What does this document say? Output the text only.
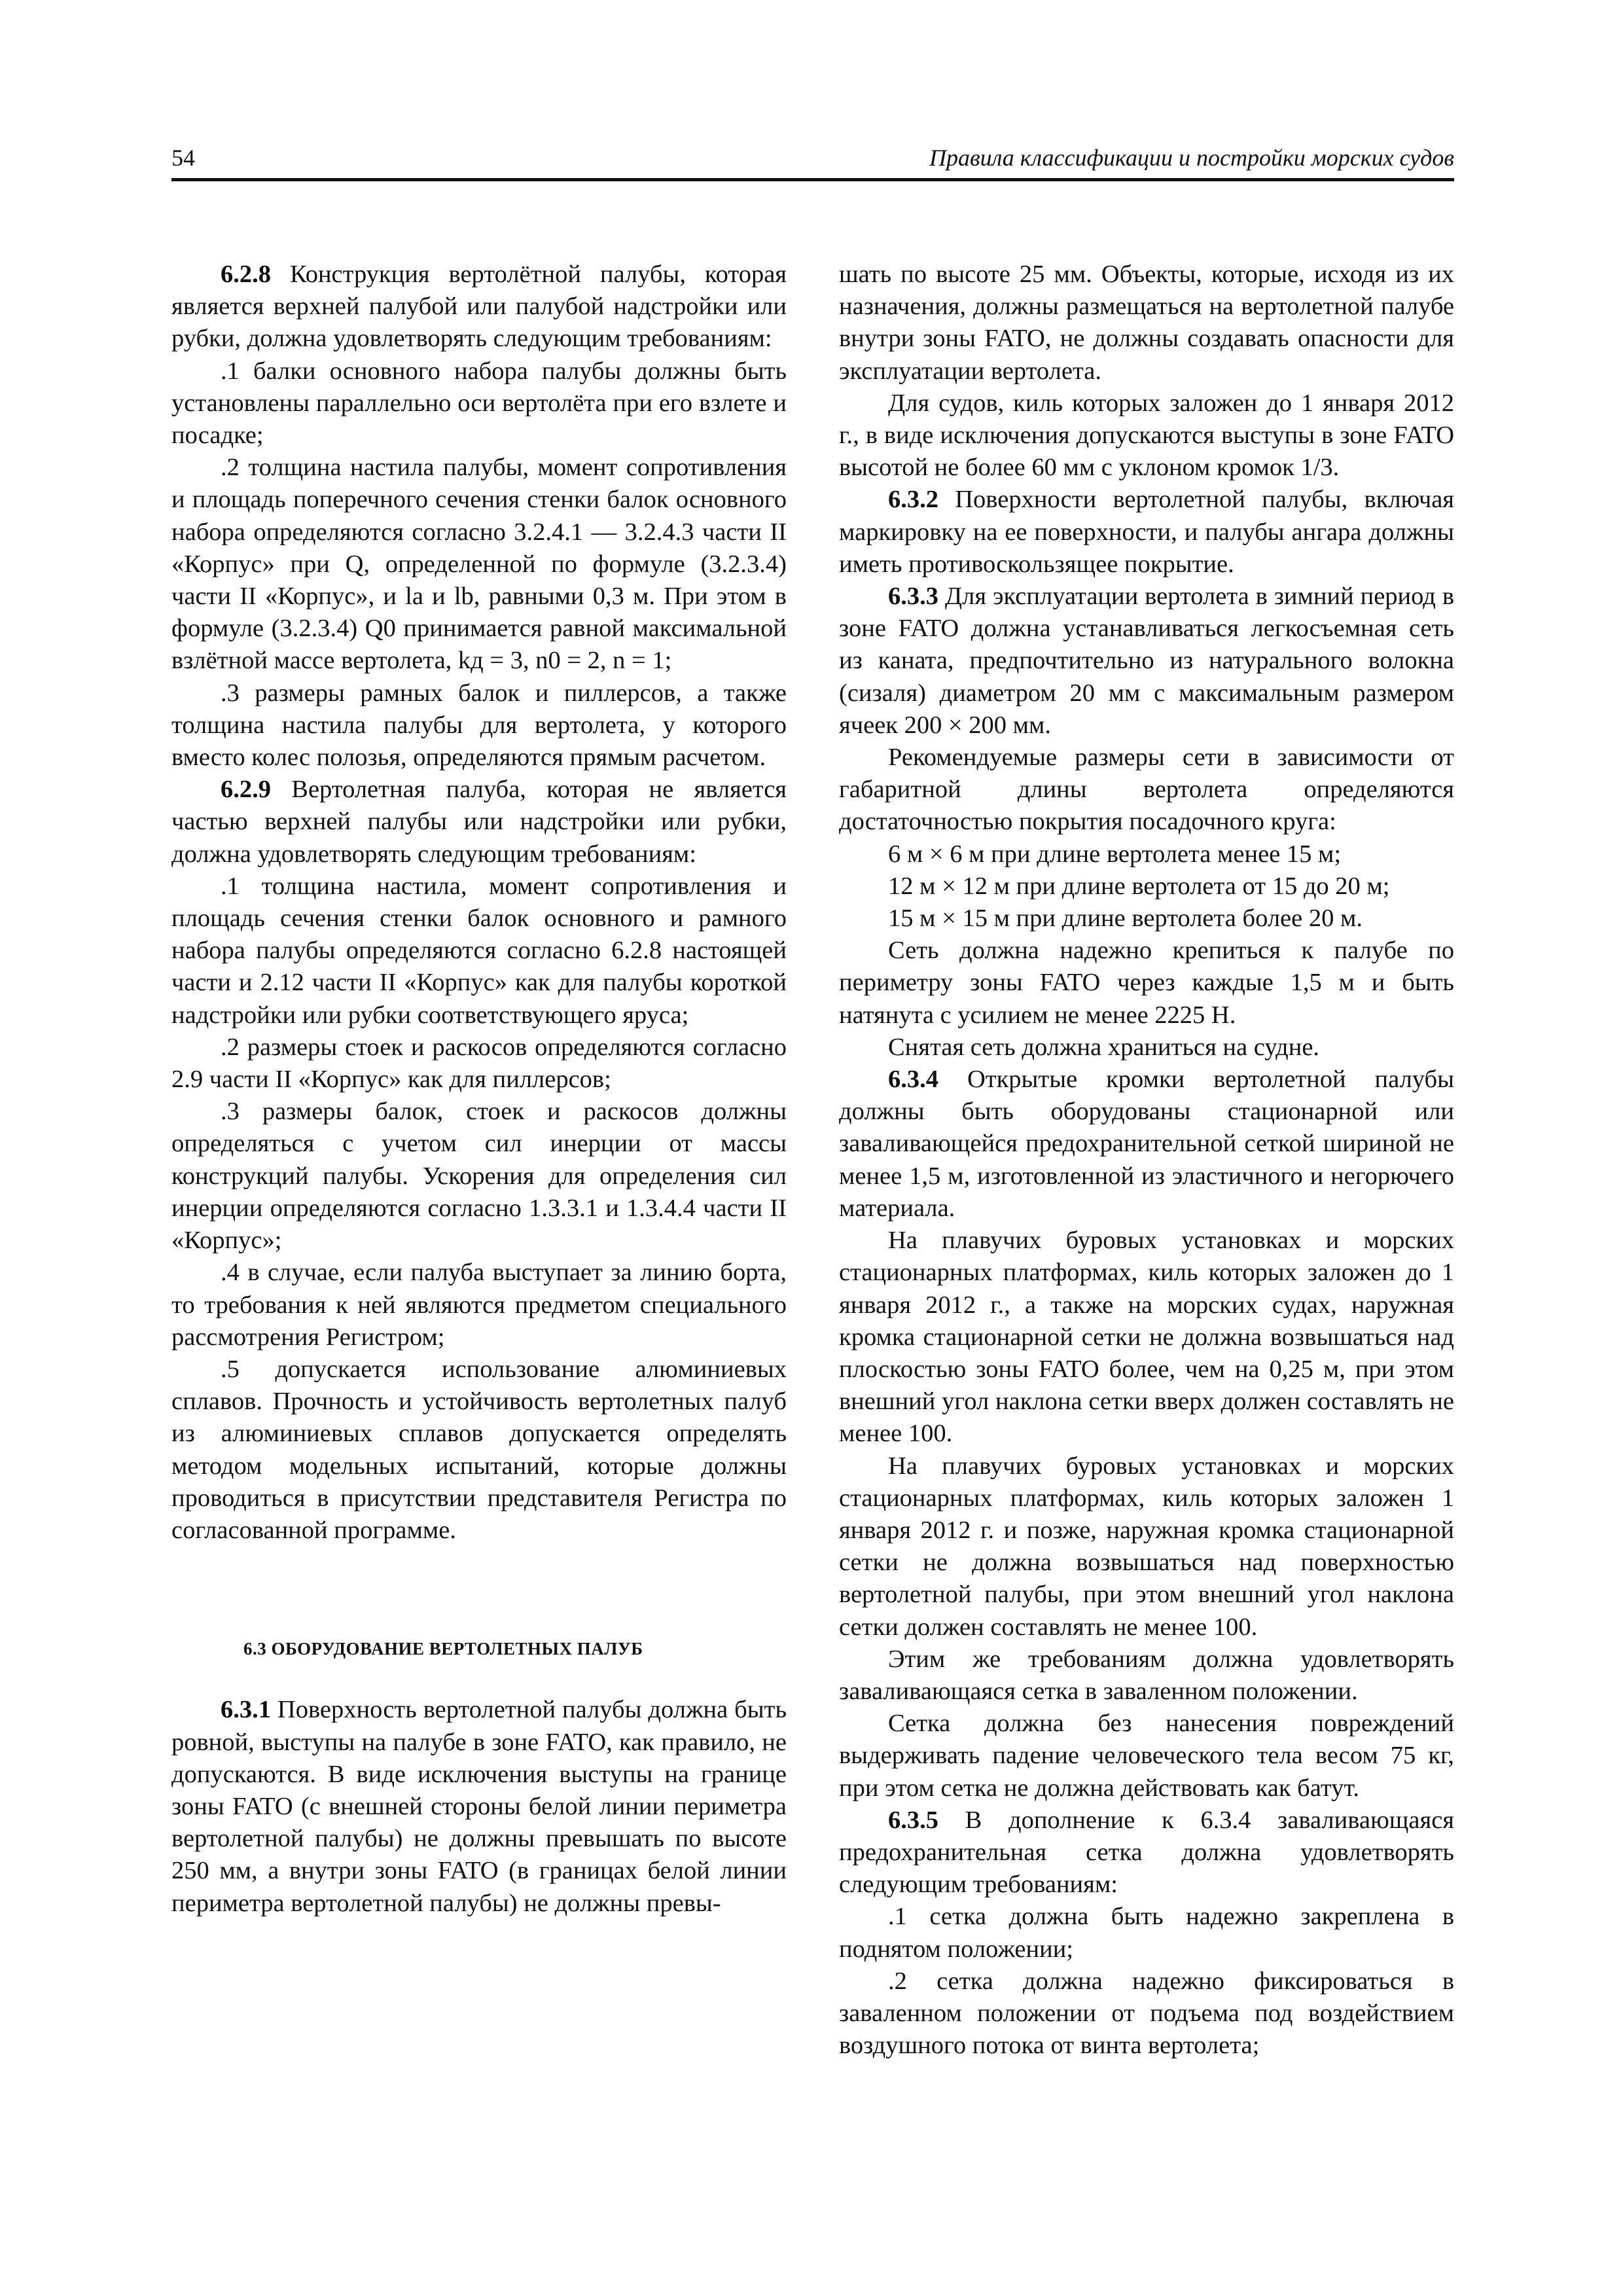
54	Правила классификации и постройки морских судов

6.2.8 Конструкция вертолётной палубы, которая является верхней палубой или палубой надстройки или рубки, должна удовлетворять следующим требованиям:

.1 балки основного набора палубы должны быть установлены параллельно оси вертолёта при его взлете и посадке;

.2 толщина настила палубы, момент сопротивления и площадь поперечного сечения стенки балок основного набора определяются согласно 3.2.4.1 — 3.2.4.3 части II «Корпус» при Q, определенной по формуле (3.2.3.4) части II «Корпус», и la и lb, равными 0,3 м. При этом в формуле (3.2.3.4) Q0 принимается равной максимальной взлётной массе вертолета, kд = 3, n0 = 2, n = 1;

.3 размеры рамных балок и пиллерсов, а также толщина настила палубы для вертолета, у которого вместо колес полозья, определяются прямым расчетом.

6.2.9 Вертолетная палуба, которая не является частью верхней палубы или надстройки или рубки, должна удовлетворять следующим требованиям:

.1 толщина настила, момент сопротивления и площадь сечения стенки балок основного и рамного набора палубы определяются согласно 6.2.8 настоящей части и 2.12 части II «Корпус» как для палубы короткой надстройки или рубки соответствующего яруса;

.2 размеры стоек и раскосов определяются согласно 2.9 части II «Корпус» как для пиллерсов;

.3 размеры балок, стоек и раскосов должны определяться с учетом сил инерции от массы конструкций палубы. Ускорения для определения сил инерции определяются согласно 1.3.3.1 и 1.3.4.4 части II «Корпус»;

.4 в случае, если палуба выступает за линию борта, то требования к ней являются предметом специального рассмотрения Регистром;

.5 допускается использование алюминиевых сплавов. Прочность и устойчивость вертолетных палуб из алюминиевых сплавов допускается определять методом модельных испытаний, которые должны проводиться в присутствии представителя Регистра по согласованной программе.

6.3 ОБОРУДОВАНИЕ ВЕРТОЛЕТНЫХ ПАЛУБ

6.3.1 Поверхность вертолетной палубы должна быть ровной, выступы на палубе в зоне FATO, как правило, не допускаются. В виде исключения выступы на границе зоны FATO (с внешней стороны белой линии периметра вертолетной палубы) не должны превышать по высоте 250 мм, а внутри зоны FATO (в границах белой линии периметра вертолетной палубы) не должны превы-

шать по высоте 25 мм. Объекты, которые, исходя из их назначения, должны размещаться на вертолетной палубе внутри зоны FATO, не должны создавать опасности для эксплуатации вертолета.

Для судов, киль которых заложен до 1 января 2012 г., в виде исключения допускаются выступы в зоне FATO высотой не более 60 мм с уклоном кромок 1/3.

6.3.2 Поверхности вертолетной палубы, включая маркировку на ее поверхности, и палубы ангара должны иметь противоскользящее покрытие.

6.3.3 Для эксплуатации вертолета в зимний период в зоне FATO должна устанавливаться легкосъемная сеть из каната, предпочтительно из натурального волокна (сизаля) диаметром 20 мм с максимальным размером ячеек 200 × 200 мм.

Рекомендуемые размеры сети в зависимости от габаритной длины вертолета определяются достаточностью покрытия посадочного круга:

6 м × 6 м при длине вертолета менее 15 м;

12 м × 12 м при длине вертолета от 15 до 20 м;

15 м × 15 м при длине вертолета более 20 м.

Сеть должна надежно крепиться к палубе по периметру зоны FATO через каждые 1,5 м и быть натянута с усилием не менее 2225 Н.

Снятая сеть должна храниться на судне.

6.3.4 Открытые кромки вертолетной палубы должны быть оборудованы стационарной или заваливающейся предохранительной сеткой шириной не менее 1,5 м, изготовленной из эластичного и негорючего материала.

На плавучих буровых установках и морских стационарных платформах, киль которых заложен до 1 января 2012 г., а также на морских судах, наружная кромка стационарной сетки не должна возвышаться над плоскостью зоны FATO более, чем на 0,25 м, при этом внешний угол наклона сетки вверх должен составлять не менее 100.

На плавучих буровых установках и морских стационарных платформах, киль которых заложен 1 января 2012 г. и позже, наружная кромка стационарной сетки не должна возвышаться над поверхностью вертолетной палубы, при этом внешний угол наклона сетки должен составлять не менее 100.

Этим же требованиям должна удовлетворять заваливающаяся сетка в заваленном положении.

Сетка должна без нанесения повреждений выдерживать падение человеческого тела весом 75 кг, при этом сетка не должна действовать как батут.

6.3.5 В дополнение к 6.3.4 заваливающаяся предохранительная сетка должна удовлетворять следующим требованиям:

.1 сетка должна быть надежно закреплена в поднятом положении;

.2 сетка должна надежно фиксироваться в заваленном положении от подъема под воздействием воздушного потока от винта вертолета;
